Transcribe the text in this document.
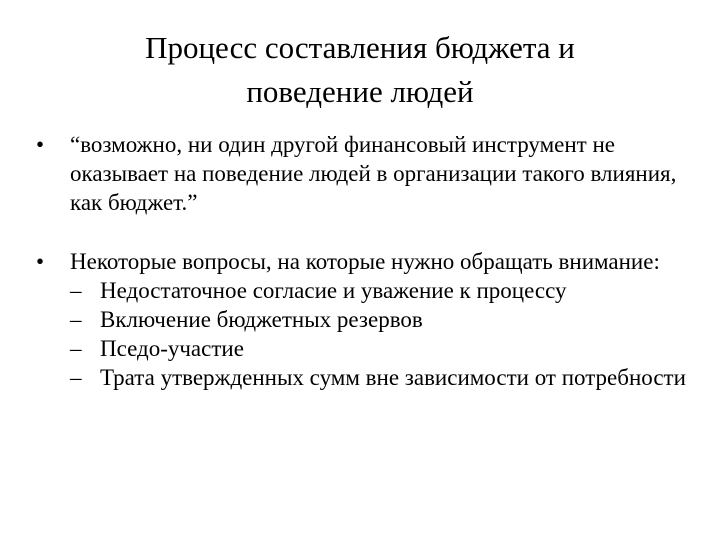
Процесс составления бюджета и
поведение людей
•	“возможно, ни один другой финансовый инструмент не оказывает на поведение людей в организации такого влияния, как бюджет.”
•	Некоторые вопросы, на которые нужно обращать внимание:
– Недостаточное согласие и уважение к процессу
– Включение бюджетных резервов
– Пседо-участие
– Трата утвержденных сумм вне зависимости от потребности
